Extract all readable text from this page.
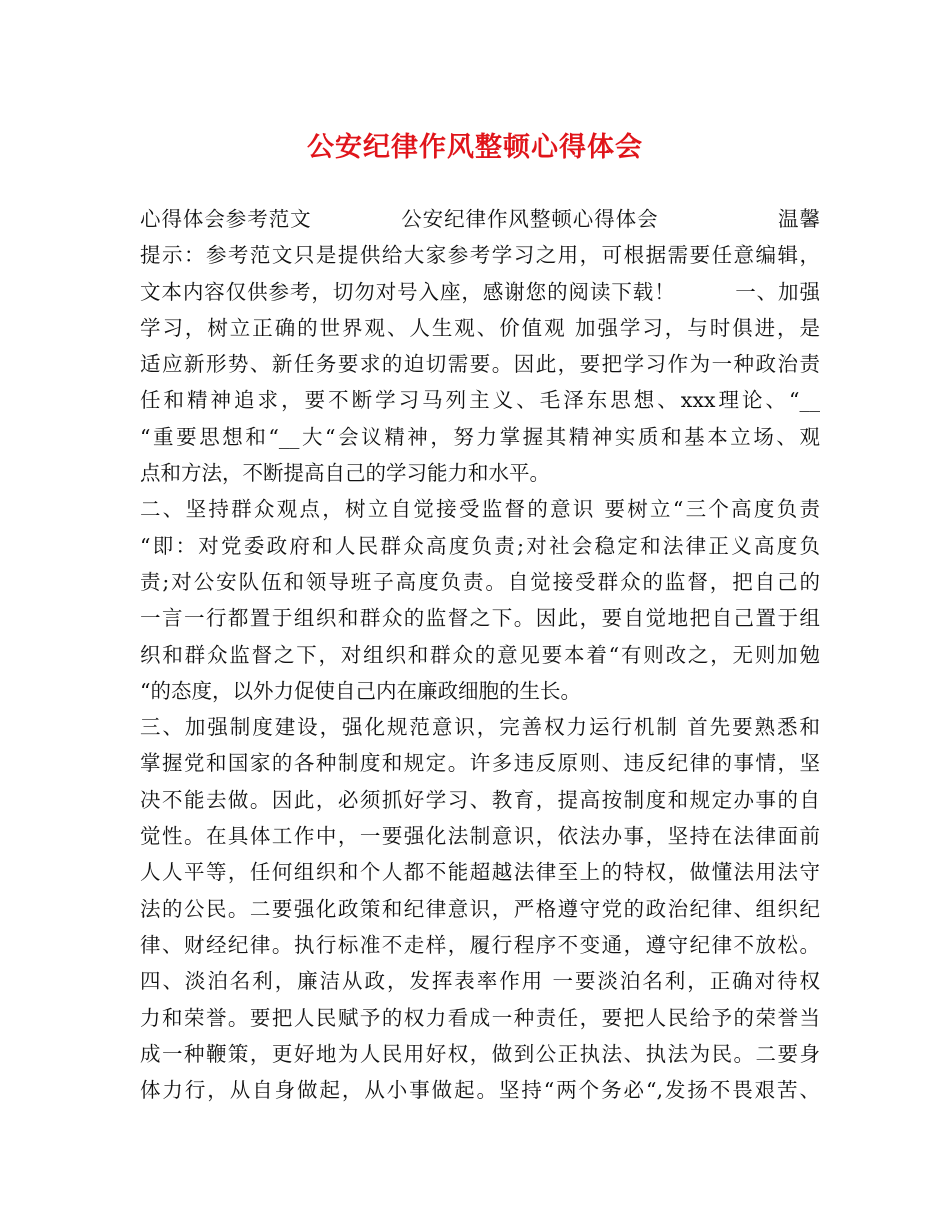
公安纪律作风整顿心得体会
心得体会参考范文            公安纪律作风整顿心得体会                温馨
提示：参考范文只是提供给大家参考学习之用，可根据需要任意编辑，
文本内容仅供参考，切勿对号入座，感谢您的阅读下载！        一、加强
学习，树立正确的世界观、人生观、价值观 加强学习，与时俱进，是
适应新形势、新任务要求的迫切需要。因此，要把学习作为一种政治责
任和精神追求，要不断学习马列主义、毛泽东思想、xxx理论、“__
“重要思想和“__大“会议精神，努力掌握其精神实质和基本立场、观
点和方法，不断提高自己的学习能力和水平。
二、坚持群众观点，树立自觉接受监督的意识 要树立“三个高度负责
“即：对党委政府和人民群众高度负责;对社会稳定和法律正义高度负
责;对公安队伍和领导班子高度负责。自觉接受群众的监督，把自己的
一言一行都置于组织和群众的监督之下。因此，要自觉地把自己置于组
织和群众监督之下，对组织和群众的意见要本着“有则改之，无则加勉
“的态度，以外力促使自己内在廉政细胞的生长。
三、加强制度建设，强化规范意识，完善权力运行机制 首先要熟悉和
掌握党和国家的各种制度和规定。许多违反原则、违反纪律的事情，坚
决不能去做。因此，必须抓好学习、教育，提高按制度和规定办事的自
觉性。在具体工作中，一要强化法制意识，依法办事，坚持在法律面前
人人平等，任何组织和个人都不能超越法律至上的特权，做懂法用法守
法的公民。二要强化政策和纪律意识，严格遵守党的政治纪律、组织纪
律、财经纪律。执行标准不走样，履行程序不变通，遵守纪律不放松。
四、淡泊名利，廉洁从政，发挥表率作用 一要淡泊名利，正确对待权
力和荣誉。要把人民赋予的权力看成一种责任，要把人民给予的荣誉当
成一种鞭策，更好地为人民用好权，做到公正执法、执法为民。二要身
体力行，从自身做起，从小事做起。坚持“两个务必“,发扬不畏艰苦、
